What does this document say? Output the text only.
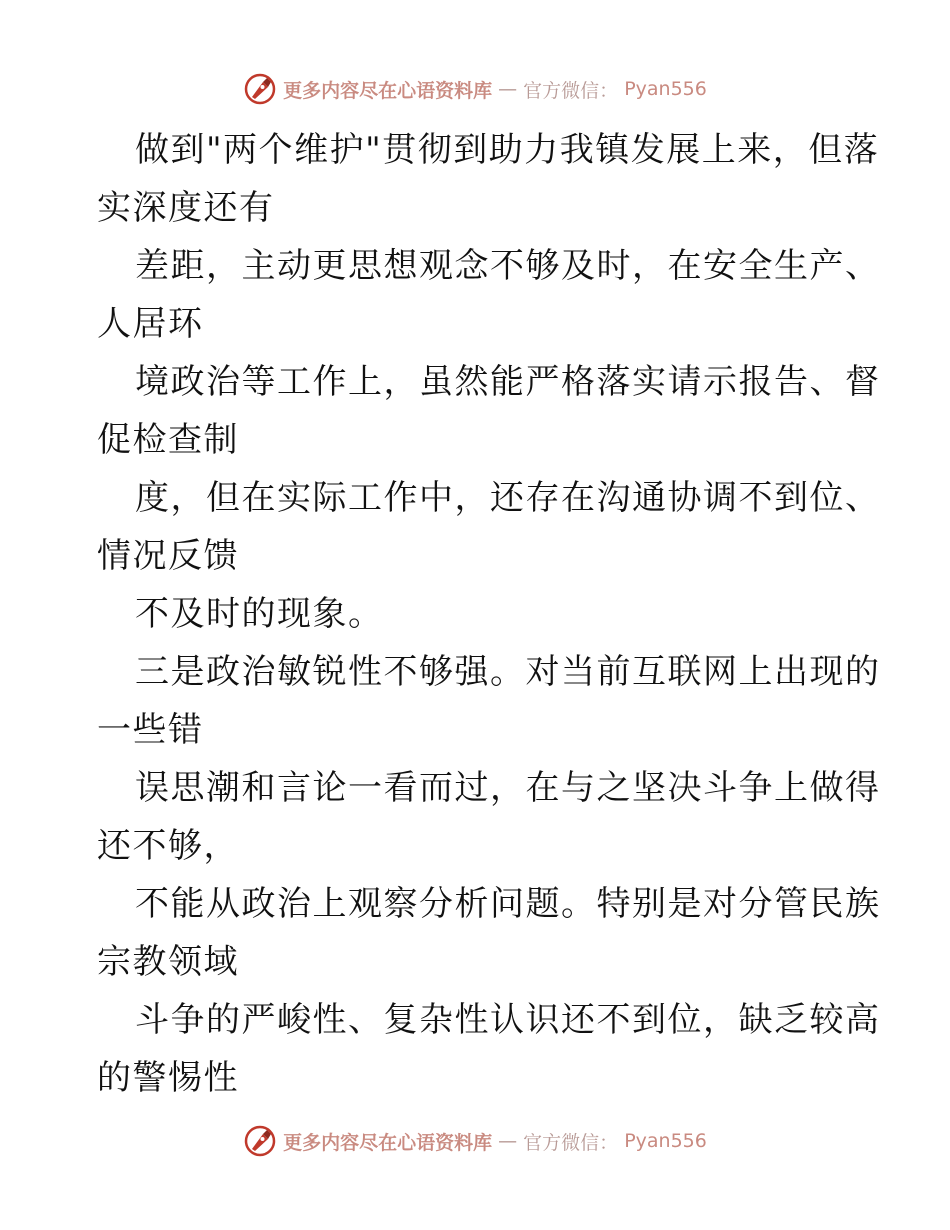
更多内容尽在心语资料库 — 官方微信： Pyan556
做到"两个维护"贯彻到助力我镇发展上来，但落
实深度还有
差距，主动更思想观念不够及时，在安全生产、
人居环
境政治等工作上，虽然能严格落实请示报告、督
促检查制
度，但在实际工作中，还存在沟通协调不到位、
情况反馈
不及时的现象。
三是政治敏锐性不够强。对当前互联网上出现的
一些错
误思潮和言论一看而过，在与之坚决斗争上做得
还不够，
不能从政治上观察分析问题。特别是对分管民族
宗教领域
斗争的严峻性、复杂性认识还不到位，缺乏较高
的警惕性
更多内容尽在心语资料库 — 官方微信： Pyan556
